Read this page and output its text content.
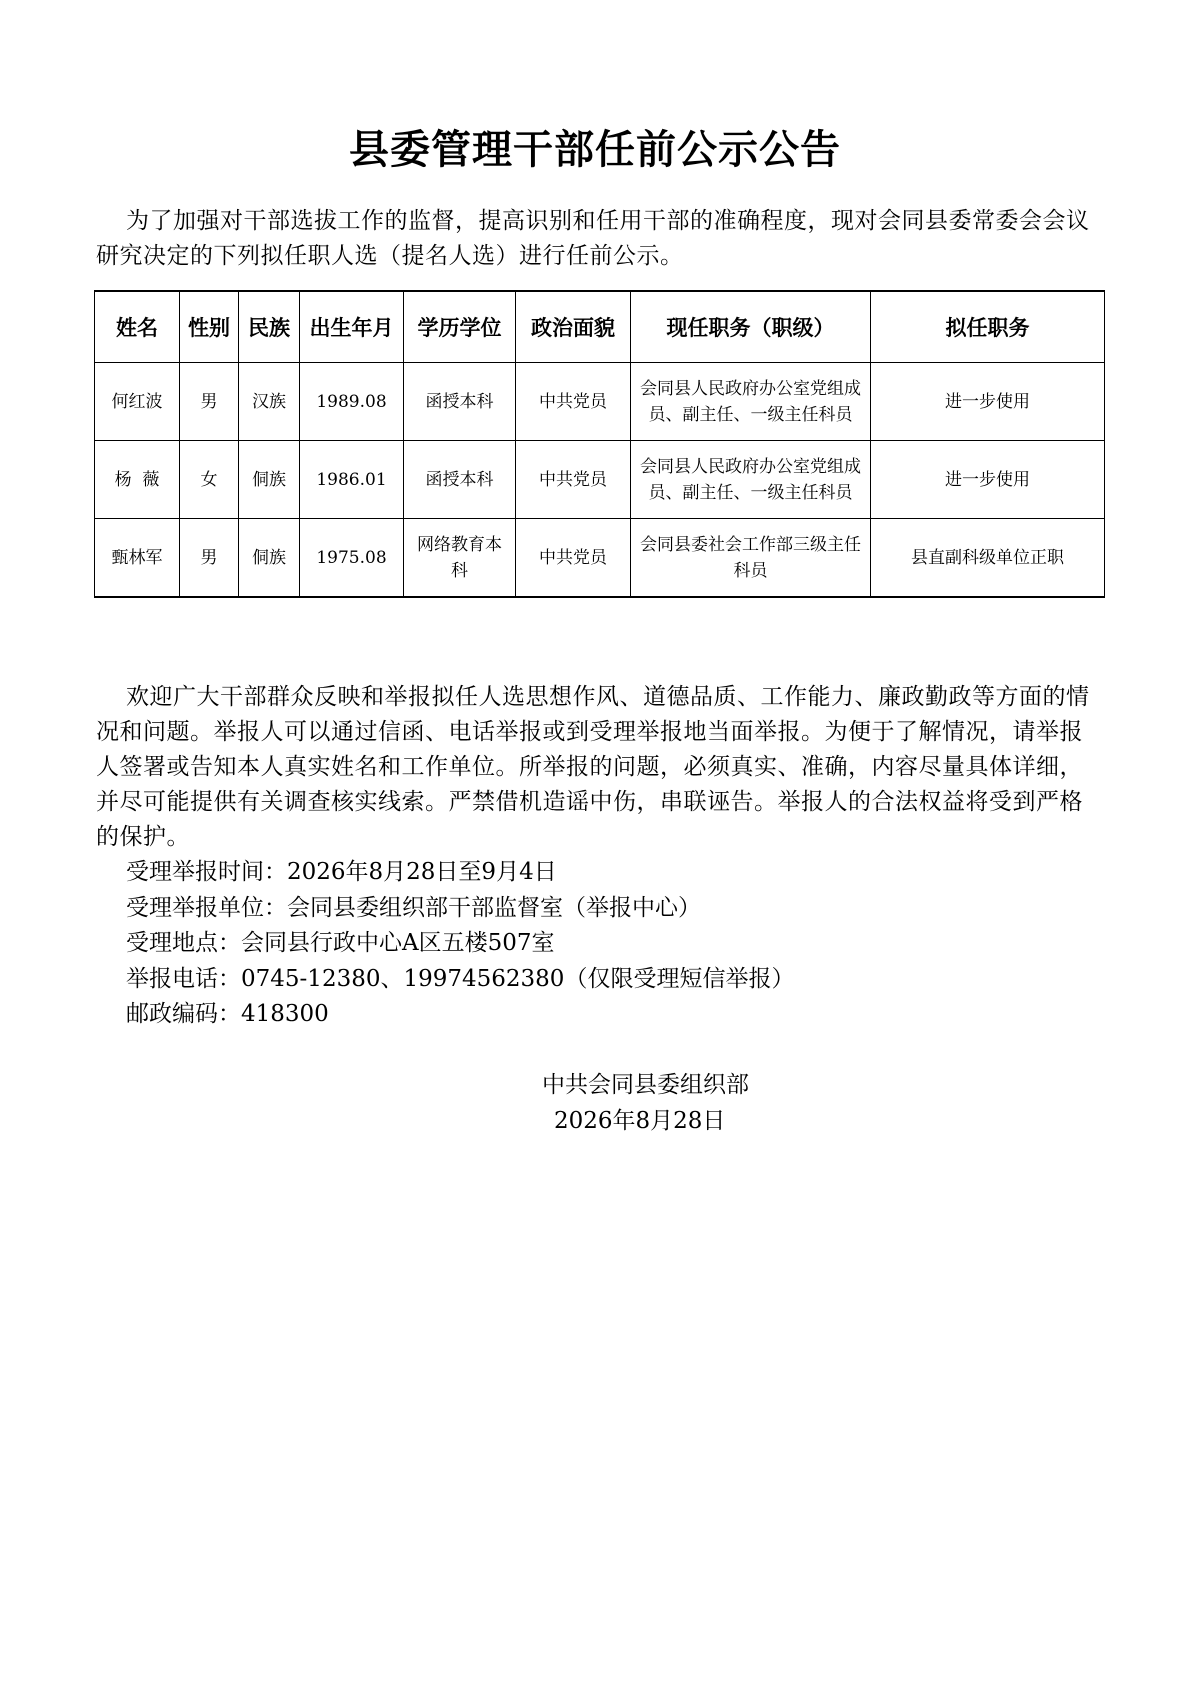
县委管理干部任前公示公告

为了加强对干部选拔工作的监督，提高识别和任用干部的准确程度，现对会同县委常委会会议研究决定的下列拟任职人选（提名人选）进行任前公示。

姓名	性别	民族	出生年月	学历学位	政治面貌	现任职务（职级）	拟任职务
何红波	男	汉族	1989.08	函授本科	中共党员	会同县人民政府办公室党组成员、副主任、一级主任科员	进一步使用
杨  薇	女	侗族	1986.01	函授本科	中共党员	会同县人民政府办公室党组成员、副主任、一级主任科员	进一步使用
甄林军	男	侗族	1975.08	网络教育本科	中共党员	会同县委社会工作部三级主任科员	县直副科级单位正职

欢迎广大干部群众反映和举报拟任人选思想作风、道德品质、工作能力、廉政勤政等方面的情况和问题。举报人可以通过信函、电话举报或到受理举报地当面举报。为便于了解情况，请举报人签署或告知本人真实姓名和工作单位。所举报的问题，必须真实、准确，内容尽量具体详细，并尽可能提供有关调查核实线索。严禁借机造谣中伤，串联诬告。举报人的合法权益将受到严格的保护。

受理举报时间：2026年8月28日至9月4日
受理举报单位：会同县委组织部干部监督室（举报中心）
受理地点：会同县行政中心A区五楼507室
举报电话：0745-12380、19974562380（仅限受理短信举报）
邮政编码：418300
中共会同县委组织部
2026年8月28日
